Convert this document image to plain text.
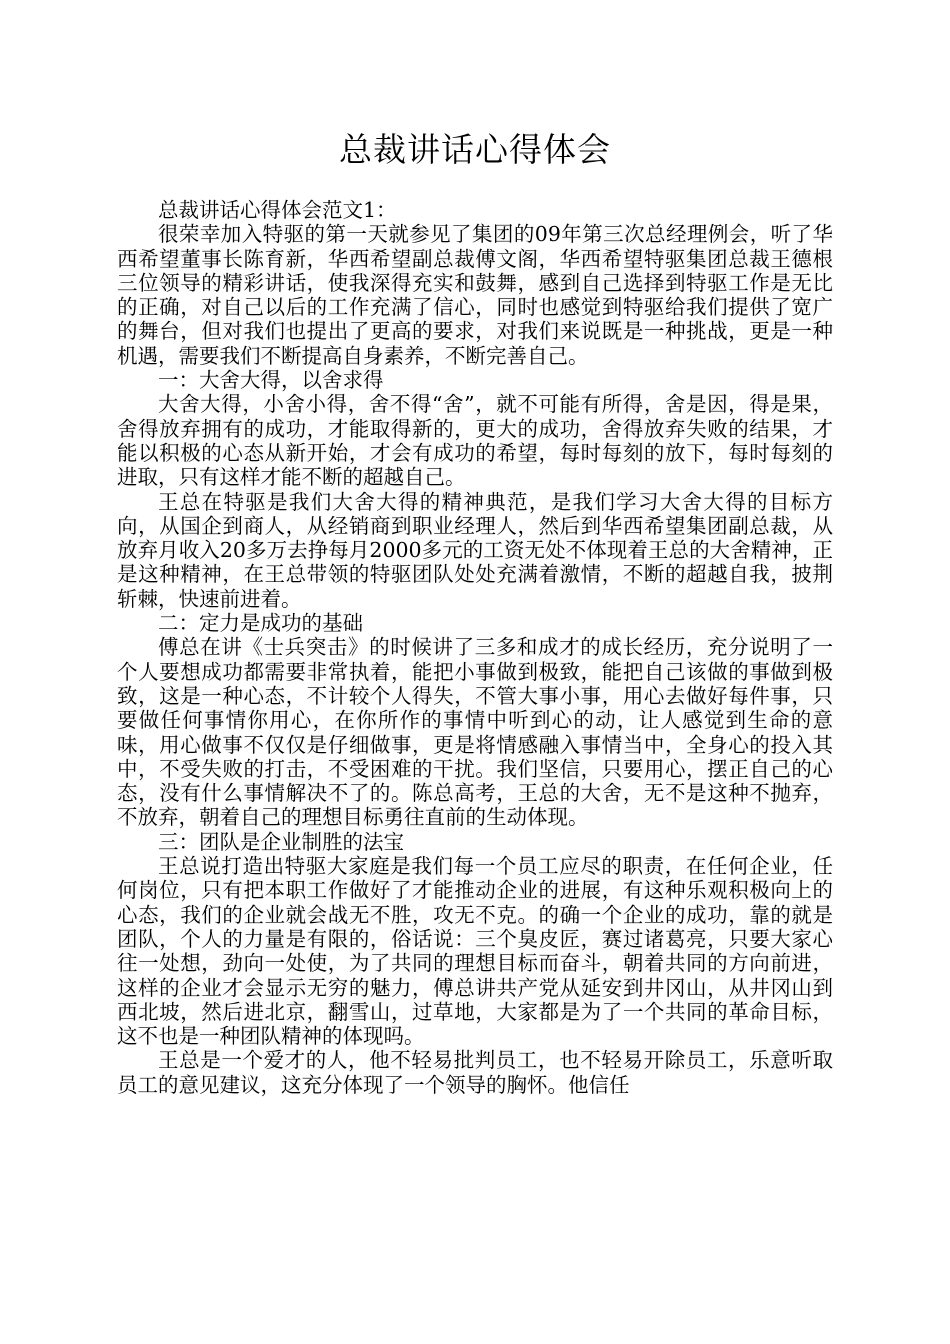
总裁讲话心得体会

总裁讲话心得体会范文1：

很荣幸加入特驱的第一天就参见了集团的09年第三次总经理例会，听了华西希望董事长陈育新，华西希望副总裁傅文阁，华西希望特驱集团总裁王德根三位领导的精彩讲话，使我深得充实和鼓舞，感到自己选择到特驱工作是无比的正确，对自己以后的工作充满了信心，同时也感觉到特驱给我们提供了宽广的舞台，但对我们也提出了更高的要求，对我们来说既是一种挑战，更是一种机遇，需要我们不断提高自身素养，不断完善自己。

一：大舍大得，以舍求得

大舍大得，小舍小得，舍不得“舍”，就不可能有所得，舍是因，得是果，舍得放弃拥有的成功，才能取得新的，更大的成功，舍得放弃失败的结果，才能以积极的心态从新开始，才会有成功的希望，每时每刻的放下，每时每刻的进取，只有这样才能不断的超越自己。

王总在特驱是我们大舍大得的精神典范，是我们学习大舍大得的目标方向，从国企到商人，从经销商到职业经理人，然后到华西希望集团副总裁，从放弃月收入20多万去挣每月2000多元的工资无处不体现着王总的大舍精神，正是这种精神，在王总带领的特驱团队处处充满着激情，不断的超越自我，披荆斩棘，快速前进着。

二：定力是成功的基础

傅总在讲《士兵突击》的时候讲了三多和成才的成长经历，充分说明了一个人要想成功都需要非常执着，能把小事做到极致，能把自己该做的事做到极致，这是一种心态，不计较个人得失，不管大事小事，用心去做好每件事，只要做任何事情你用心，在你所作的事情中听到心的动，让人感觉到生命的意味，用心做事不仅仅是仔细做事，更是将情感融入事情当中，全身心的投入其中，不受失败的打击，不受困难的干扰。我们坚信，只要用心，摆正自己的心态，没有什么事情解决不了的。陈总高考，王总的大舍，无不是这种不抛弃，不放弃，朝着自己的理想目标勇往直前的生动体现。

三：团队是企业制胜的法宝

王总说打造出特驱大家庭是我们每一个员工应尽的职责，在任何企业，任何岗位，只有把本职工作做好了才能推动企业的进展，有这种乐观积极向上的心态，我们的企业就会战无不胜，攻无不克。的确一个企业的成功，靠的就是团队，个人的力量是有限的，俗话说：三个臭皮匠，赛过诸葛亮，只要大家心往一处想，劲向一处使，为了共同的理想目标而奋斗，朝着共同的方向前进，这样的企业才会显示无穷的魅力，傅总讲共产党从延安到井冈山，从井冈山到西北坡，然后进北京，翻雪山，过草地，大家都是为了一个共同的革命目标，这不也是一种团队精神的体现吗。

王总是一个爱才的人，他不轻易批判员工，也不轻易开除员工，乐意听取员工的意见建议，这充分体现了一个领导的胸怀。他信任
